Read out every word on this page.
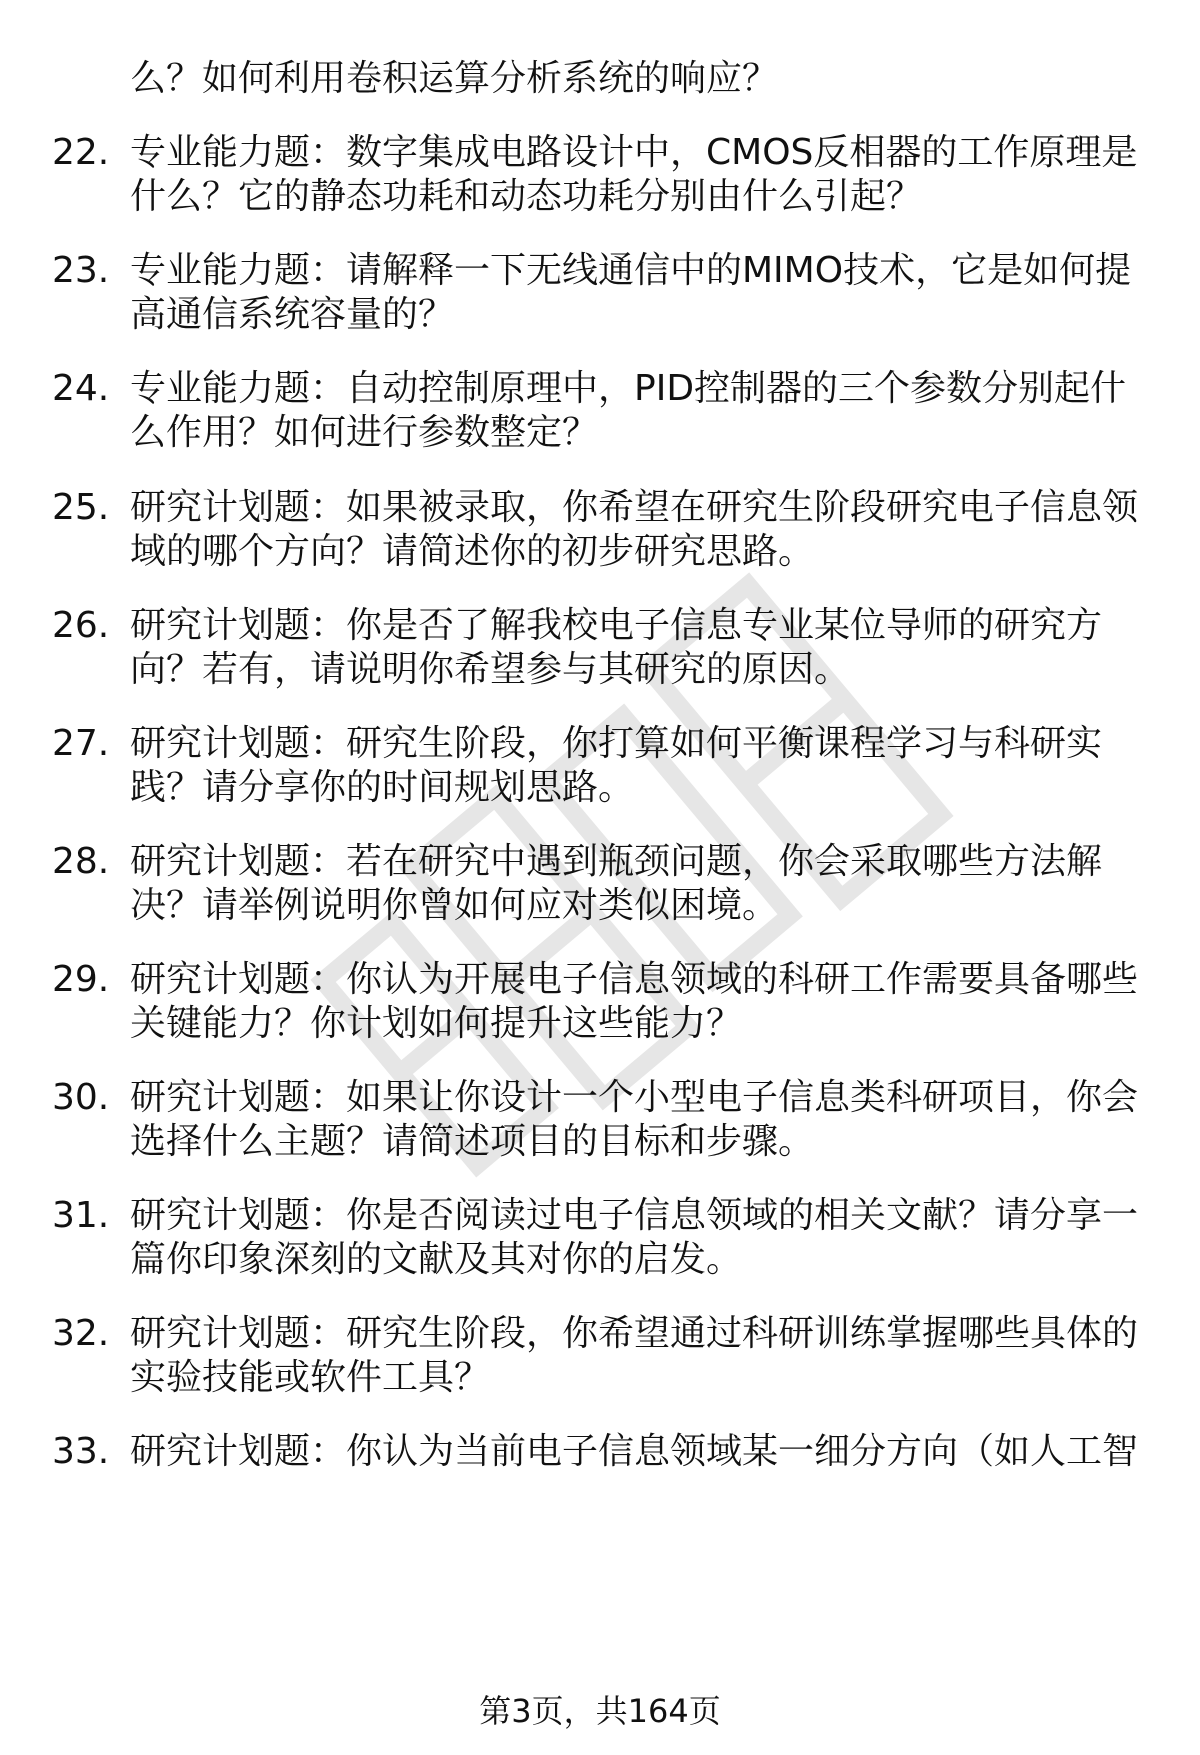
么？如何利用卷积运算分析系统的响应？
22. 专业能力题：数字集成电路设计中，CMOS反相器的工作原理是
什么？它的静态功耗和动态功耗分别由什么引起？
23. 专业能力题：请解释一下无线通信中的MIMO技术，它是如何提
高通信系统容量的？
24. 专业能力题：自动控制原理中，PID控制器的三个参数分别起什
么作用？如何进行参数整定？
25. 研究计划题：如果被录取，你希望在研究生阶段研究电子信息领
域的哪个方向？请简述你的初步研究思路。
26. 研究计划题：你是否了解我校电子信息专业某位导师的研究方
向？若有，请说明你希望参与其研究的原因。
27. 研究计划题：研究生阶段，你打算如何平衡课程学习与科研实
践？请分享你的时间规划思路。
28. 研究计划题：若在研究中遇到瓶颈问题，你会采取哪些方法解
决？请举例说明你曾如何应对类似困境。
29. 研究计划题：你认为开展电子信息领域的科研工作需要具备哪些
关键能力？你计划如何提升这些能力？
30. 研究计划题：如果让你设计一个小型电子信息类科研项目，你会
选择什么主题？请简述项目的目标和步骤。
31. 研究计划题：你是否阅读过电子信息领域的相关文献？请分享一
篇你印象深刻的文献及其对你的启发。
32. 研究计划题：研究生阶段，你希望通过科研训练掌握哪些具体的
实验技能或软件工具？
33. 研究计划题：你认为当前电子信息领域某一细分方向（如人工智
第3页，共164页
